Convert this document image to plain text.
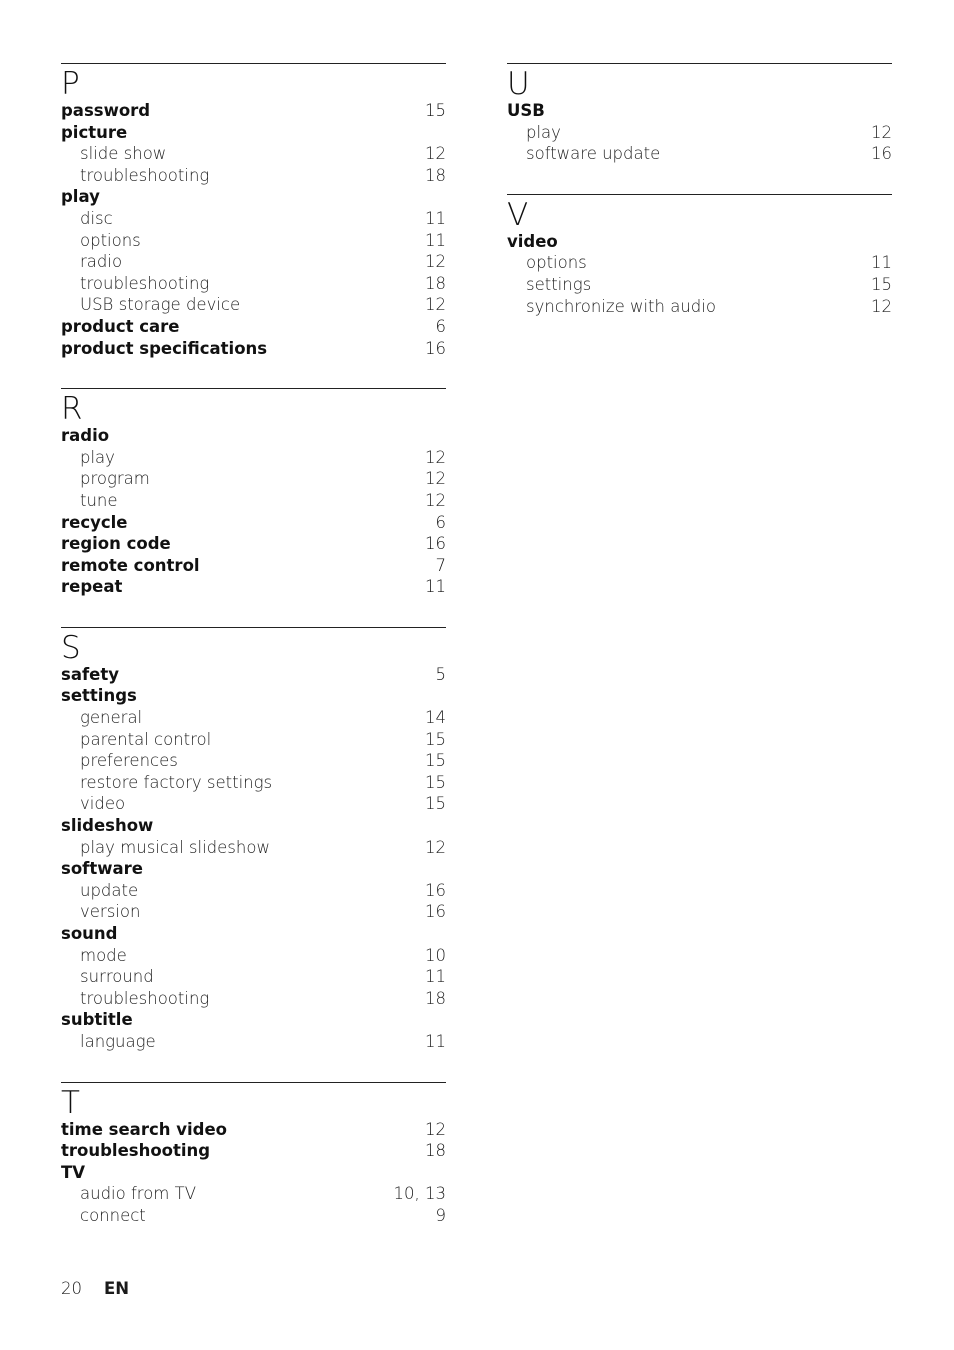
P
password	15
picture
slide show	12
troubleshooting	18
play
disc	11
options	11
radio	12
troubleshooting	18
USB storage device	12
product care	6
product specifications	16
R
radio
play	12
program	12
tune	12
recycle	6
region code	16
remote control	7
repeat	11
S
safety	5
settings
general	14
parental control	15
preferences	15
restore factory settings	15
video	15
slideshow
play musical slideshow	12
software
update	16
version	16
sound
mode	10
surround	11
troubleshooting	18
subtitle
language	11
T
time search video	12
troubleshooting	18
TV
audio from TV	10, 13
connect	9
U
USB
play	12
software update	16
V
video
options	11
settings	15
synchronize with audio	12
20 EN
